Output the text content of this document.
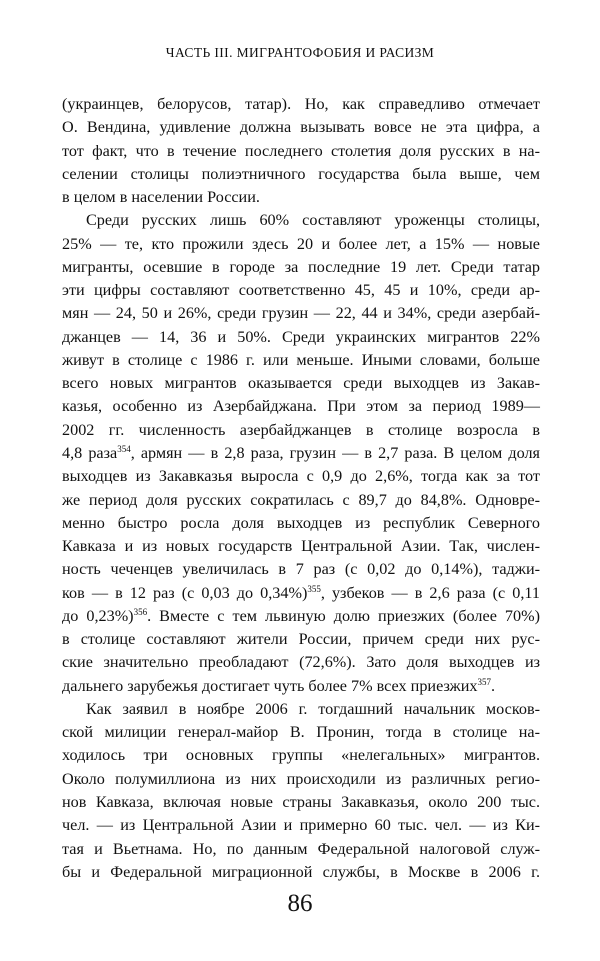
ЧАСТЬ III. МИГРАНТОФОБИЯ И РАСИЗМ
(украинцев, белорусов, татар). Но, как справедливо отмечает
О. Вендина, удивление должна вызывать вовсе не эта цифра, а
тот факт, что в течение последнего столетия доля русских в на-
селении столицы полиэтничного государства была выше, чем
в целом в населении России.
Среди русских лишь 60% составляют уроженцы столицы,
25% — те, кто прожили здесь 20 и более лет, а 15% — новые
мигранты, осевшие в городе за последние 19 лет. Среди татар
эти цифры составляют соответственно 45, 45 и 10%, среди ар-
мян — 24, 50 и 26%, среди грузин — 22, 44 и 34%, среди азербай-
джанцев — 14, 36 и 50%. Среди украинских мигрантов 22%
живут в столице с 1986 г. или меньше. Иными словами, больше
всего новых мигрантов оказывается среди выходцев из Закав-
казья, особенно из Азербайджана. При этом за период 1989—
2002 гг. численность азербайджанцев в столице возросла в
4,8 раза$^{354}$, армян — в 2,8 раза, грузин — в 2,7 раза. В целом доля
выходцев из Закавказья выросла с 0,9 до 2,6%, тогда как за тот
же период доля русских сократилась с 89,7 до 84,8%. Одновре-
менно быстро росла доля выходцев из республик Северного
Кавказа и из новых государств Центральной Азии. Так, числен-
ность чеченцев увеличилась в 7 раз (с 0,02 до 0,14%), таджи-
ков — в 12 раз (с 0,03 до 0,34%)$^{355}$, узбеков — в 2,6 раза (с 0,11
до 0,23%)$^{356}$. Вместе с тем львиную долю приезжих (более 70%)
в столице составляют жители России, причем среди них рус-
ские значительно преобладают (72,6%). Зато доля выходцев из
дальнего зарубежья достигает чуть более 7% всех приезжих$^{357}$.
Как заявил в ноябре 2006 г. тогдашний начальник москов-
ской милиции генерал-майор В. Пронин, тогда в столице на-
ходилось три основных группы «нелегальных» мигрантов.
Около полумиллиона из них происходили из различных регио-
нов Кавказа, включая новые страны Закавказья, около 200 тыс.
чел. — из Центральной Азии и примерно 60 тыс. чел. — из Ки-
тая и Вьетнама. Но, по данным Федеральной налоговой служ-
бы и Федеральной миграционной службы, в Москве в 2006 г.
86
